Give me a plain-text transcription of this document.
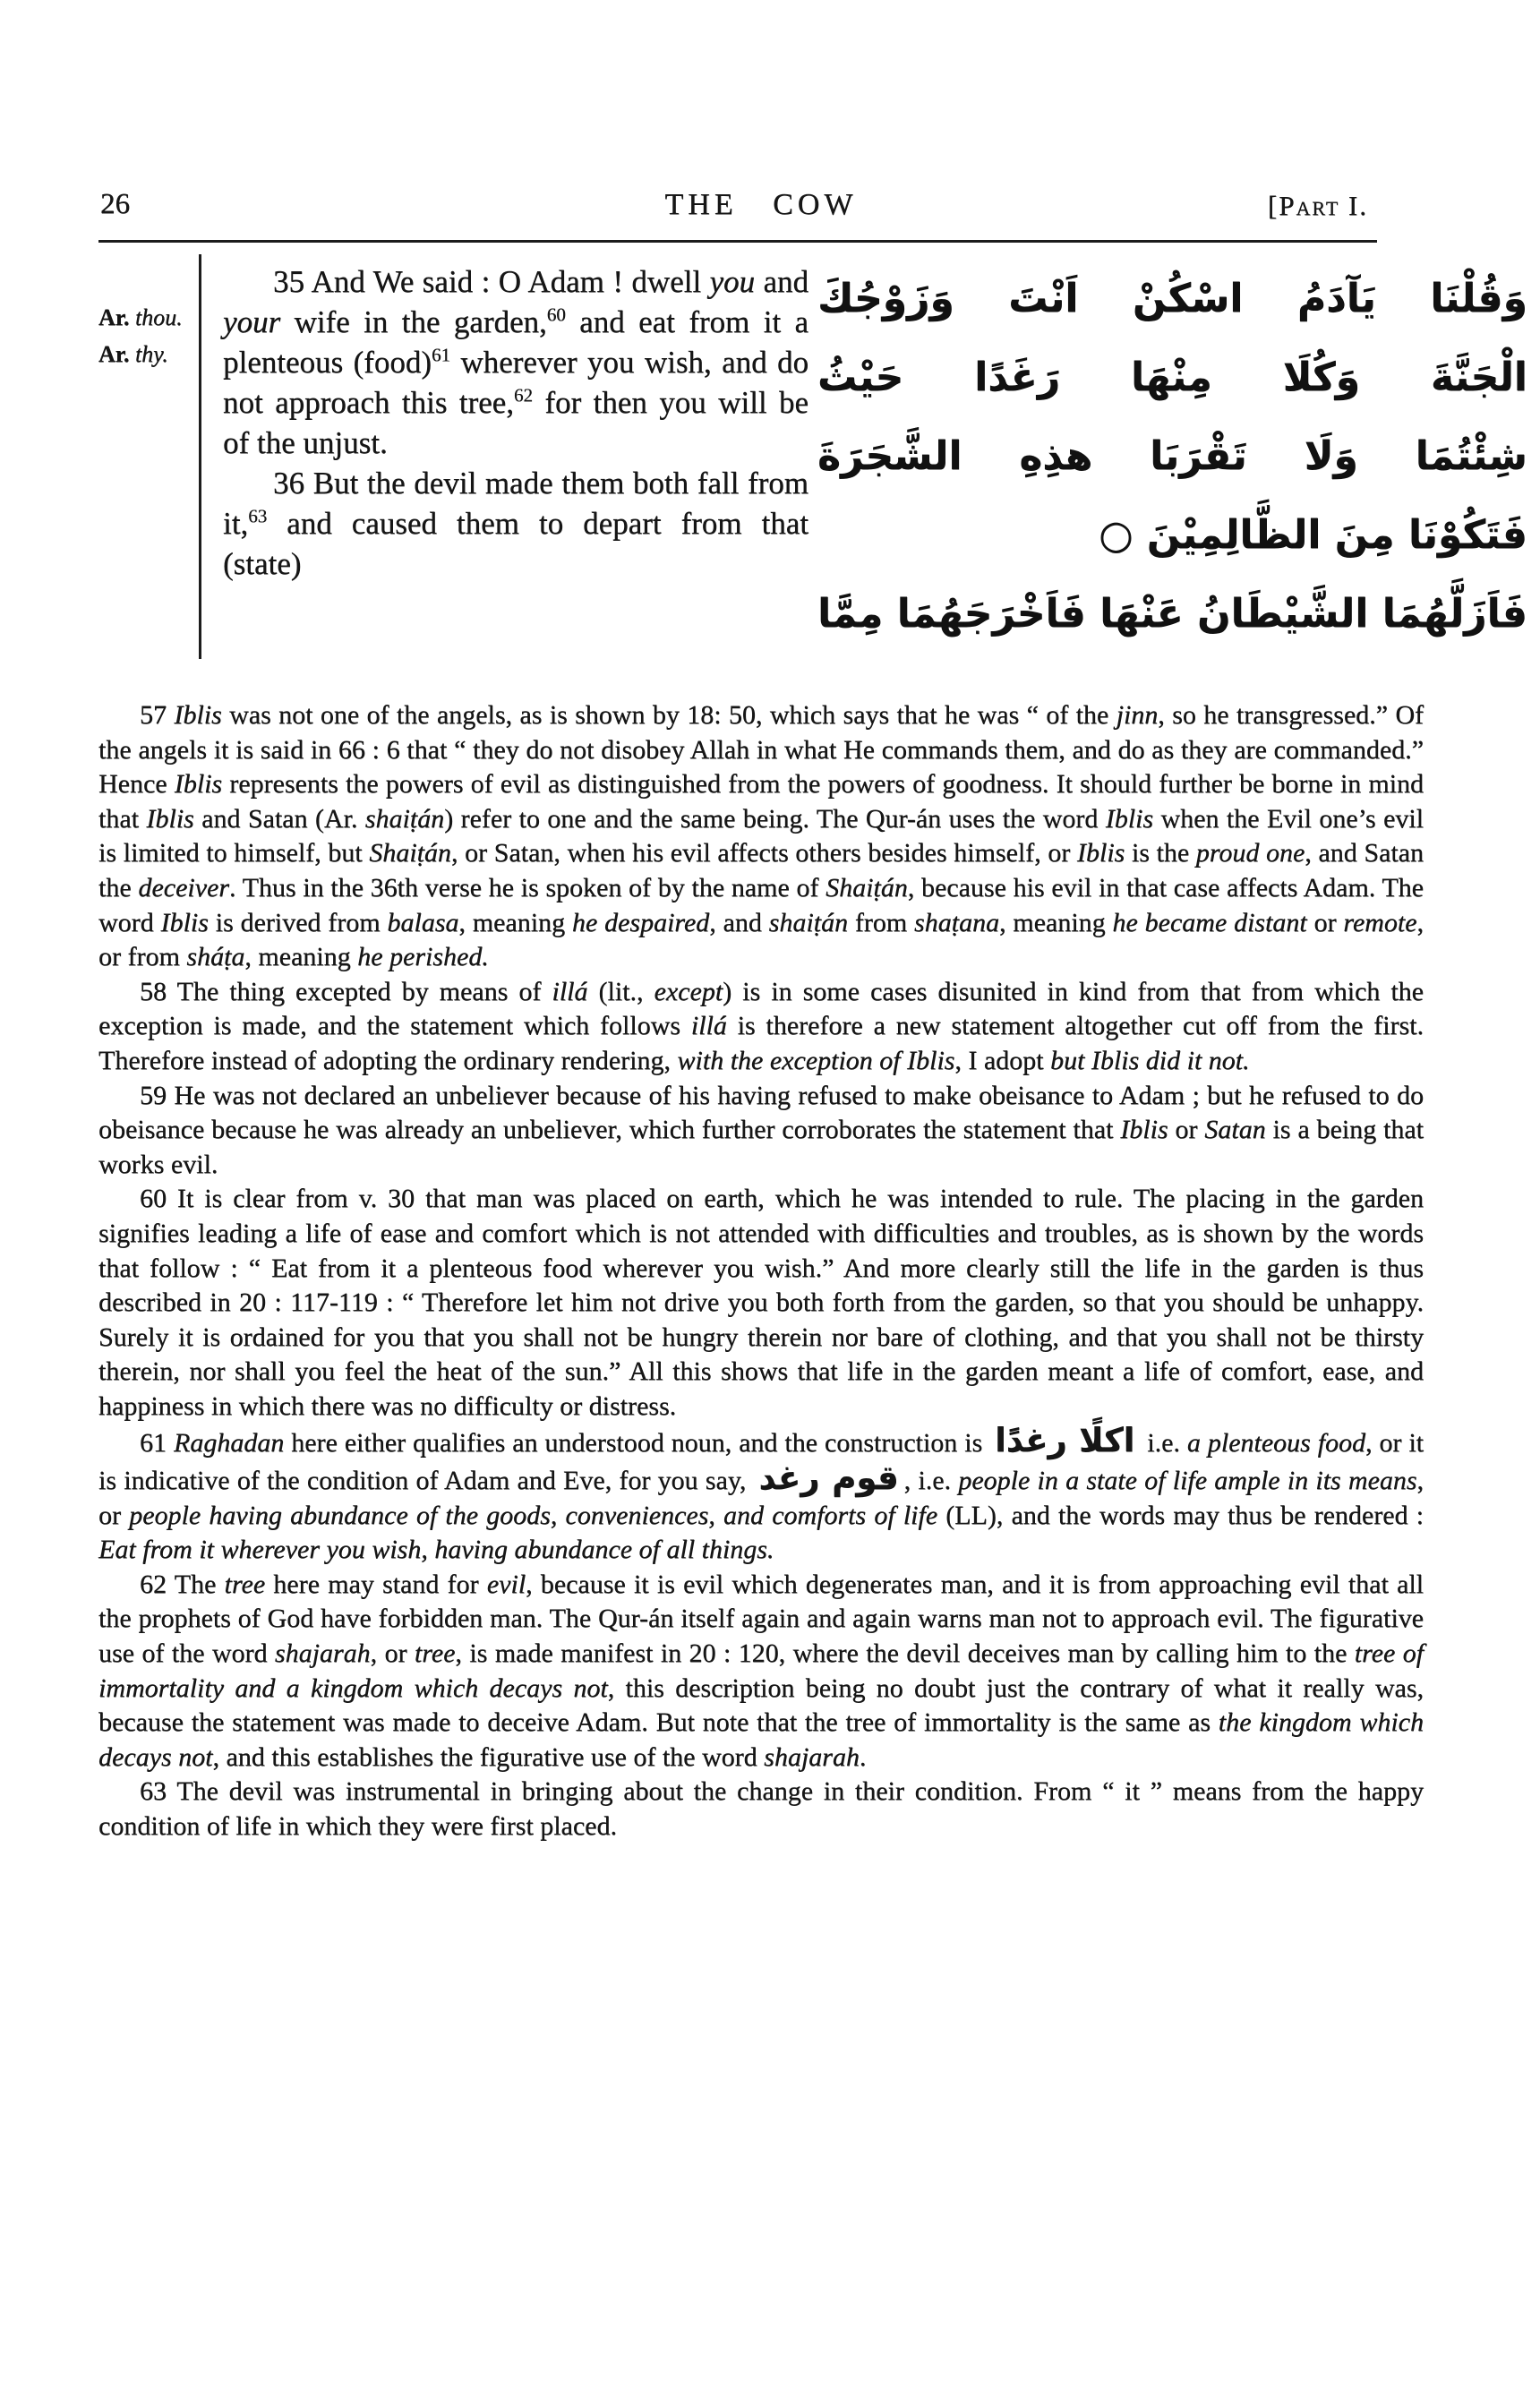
26	THE COW	[Part I.
Ar. thou.
Ar. thy.

35 And We said : O Adam ! dwell you and your wife in the garden,$^{60}$ and eat from it a plenteous (food)$^{61}$ wherever you wish, and do not approach this tree,$^{62}$ for then you will be of the unjust.

36 But the devil made them both fall from it,$^{63}$ and caused them to depart from that (state)

وَقُلْنَا يَآدَمُ اسْكُنْ اَنْتَ وَزَوْجُكَ
الْجَنَّةَ وَكُلَا مِنْهَا رَغَدًا حَيْثُ
شِئْتُمَا وَلَا تَقْرَبَا هذِهِ الشَّجَرَةَ
فَتَكُوْنَا مِنَ الظَّالِمِيْنَ ○
فَاَزَلَّهُمَا الشَّيْطَانُ عَنْهَا فَاَخْرَجَهُمَا مِمَّا

57 Iblis was not one of the angels, as is shown by 18: 50, which says that he was “ of the jinn, so he transgressed.” Of the angels it is said in 66 : 6 that “ they do not disobey Allah in what He commands them, and do as they are commanded.” Hence Iblis represents the powers of evil as distinguished from the powers of goodness. It should further be borne in mind that Iblis and Satan (Ar. shaiṭán) refer to one and the same being. The Qur-án uses the word Iblis when the Evil one’s evil is limited to himself, but Shaiṭán, or Satan, when his evil affects others besides himself, or Iblis is the proud one, and Satan the deceiver. Thus in the 36th verse he is spoken of by the name of Shaiṭán, because his evil in that case affects Adam. The word Iblis is derived from balasa, meaning he despaired, and shaiṭán from shaṭana, meaning he became distant or remote, or from sháṭa, meaning he perished.

58 The thing excepted by means of illá (lit., except) is in some cases disunited in kind from that from which the exception is made, and the statement which follows illá is therefore a new statement altogether cut off from the first. Therefore instead of adopting the ordinary rendering, with the exception of Iblis, I adopt but Iblis did it not.

59 He was not declared an unbeliever because of his having refused to make obeisance to Adam ; but he refused to do obeisance because he was already an unbeliever, which further corroborates the statement that Iblis or Satan is a being that works evil.

60 It is clear from v. 30 that man was placed on earth, which he was intended to rule. The placing in the garden signifies leading a life of ease and comfort which is not attended with difficulties and troubles, as is shown by the words that follow : “ Eat from it a plenteous food wherever you wish.” And more clearly still the life in the garden is thus described in 20 : 117-119 : “ Therefore let him not drive you both forth from the garden, so that you should be unhappy. Surely it is ordained for you that you shall not be hungry therein nor bare of clothing, and that you shall not be thirsty therein, nor shall you feel the heat of the sun.” All this shows that life in the garden meant a life of comfort, ease, and happiness in which there was no difficulty or distress.

61 Raghadan here either qualifies an understood noun, and the construction is اكلًا رغدًا i.e. a plenteous food, or it is indicative of the condition of Adam and Eve, for you say, قوم رغد , i.e. people in a state of life ample in its means, or people having abundance of the goods, conveniences, and comforts of life (LL), and the words may thus be rendered : Eat from it wherever you wish, having abundance of all things.

62 The tree here may stand for evil, because it is evil which degenerates man, and it is from approaching evil that all the prophets of God have forbidden man. The Qur-án itself again and again warns man not to approach evil. The figurative use of the word shajarah, or tree, is made manifest in 20 : 120, where the devil deceives man by calling him to the tree of immortality and a kingdom which decays not, this description being no doubt just the contrary of what it really was, because the statement was made to deceive Adam. But note that the tree of immortality is the same as the kingdom which decays not, and this establishes the figurative use of the word shajarah.

63 The devil was instrumental in bringing about the change in their condition. From “ it ” means from the happy condition of life in which they were first placed.
